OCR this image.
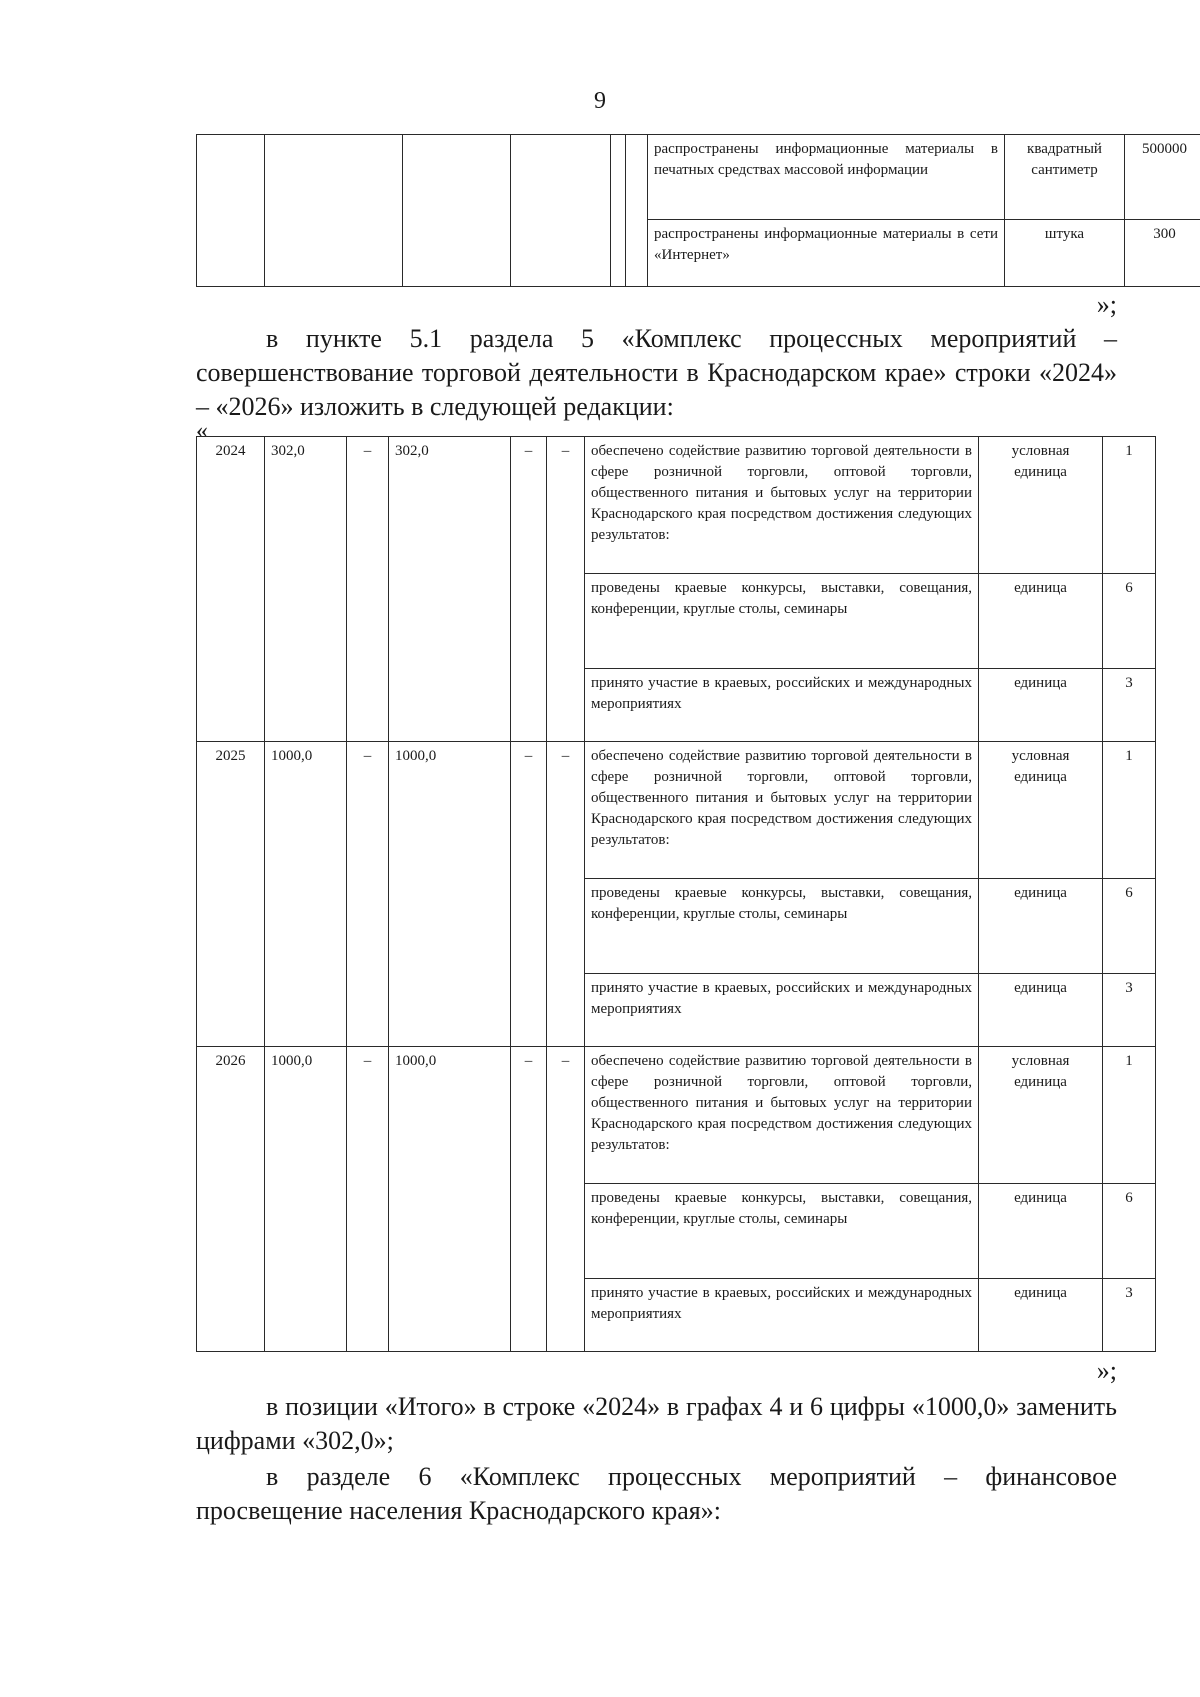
9
						распространены информационные материалы в печатных средствах массовой информации	квадратный сантиметр	500000
						распространены информационные материалы в сети «Интернет»	штука	300
»;
в пункте 5.1 раздела 5 «Комплекс процессных мероприятий – совершенствование торговой деятельности в Краснодарском крае» строки «2024» – «2026» изложить в следующей редакции:
«
2024	302,0	–	302,0	–	–	обеспечено содействие развитию торговой деятельности в сфере розничной торговли, оптовой торговли, общественного питания и бытовых услуг на территории Краснодарского края посредством достижения следующих результатов:	условная единица	1
						проведены краевые конкурсы, выставки, совещания, конференции, круглые столы, семинары	единица	6
						принято участие в краевых, российских и международных мероприятиях	единица	3
2025	1000,0	–	1000,0	–	–	обеспечено содействие развитию торговой деятельности в сфере розничной торговли, оптовой торговли, общественного питания и бытовых услуг на территории Краснодарского края посредством достижения следующих результатов:	условная единица	1
						проведены краевые конкурсы, выставки, совещания, конференции, круглые столы, семинары	единица	6
						принято участие в краевых, российских и международных мероприятиях	единица	3
2026	1000,0	–	1000,0	–	–	обеспечено содействие развитию торговой деятельности в сфере розничной торговли, оптовой торговли, общественного питания и бытовых услуг на территории Краснодарского края посредством достижения следующих результатов:	условная единица	1
						проведены краевые конкурсы, выставки, совещания, конференции, круглые столы, семинары	единица	6
						принято участие в краевых, российских и международных мероприятиях	единица	3
»;
в позиции «Итого» в строке «2024» в графах 4 и 6 цифры «1000,0» заменить цифрами «302,0»;
в разделе 6 «Комплекс процессных мероприятий – финансовое просвещение населения Краснодарского края»:
